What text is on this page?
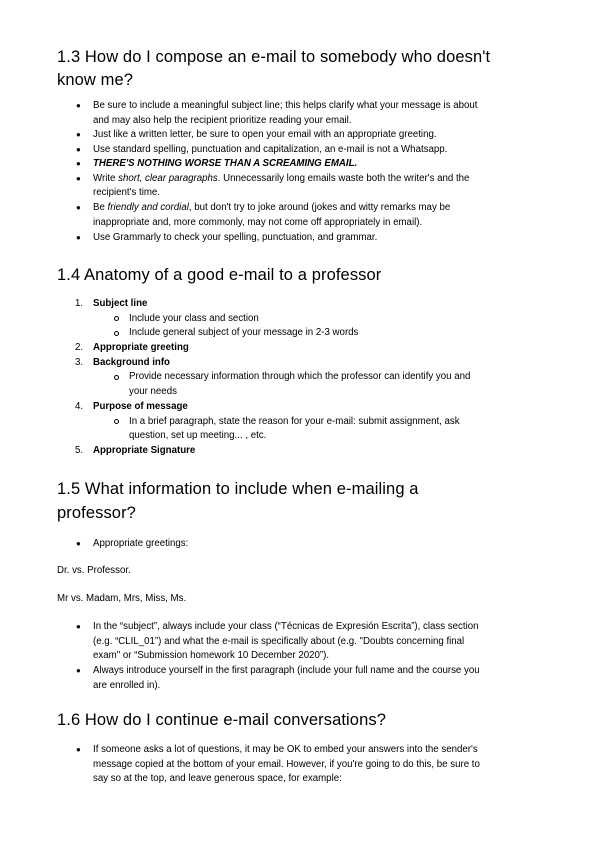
1.3 How do I compose an e-mail to somebody who doesn't
know me?
● Be sure to include a meaningful subject line; this helps clarify what your message is about

and may also help the recipient prioritize reading your email.

● Just like a written letter, be sure to open your email with an appropriate greeting.

● Use standard spelling, punctuation and capitalization, an e-mail is not a Whatsapp.

● THERE'S NOTHING WORSE THAN A SCREAMING EMAIL.

● Write short, clear paragraphs. Unnecessarily long emails waste both the writer's and the

recipient's time.

● Be friendly and cordial, but don't try to joke around (jokes and witty remarks may be

inappropriate and, more commonly, may not come off appropriately in email).

● Use Grammarly to check your spelling, punctuation, and grammar.

1.4 Anatomy of a good e-mail to a professor
1. Subject line

Include your class and section

Include general subject of your message in 2-3 words

2. Appropriate greeting

3. Background info

Provide necessary information through which the professor can identify you and

your needs

4. Purpose of message

In a brief paragraph, state the reason for your e-mail: submit assignment, ask

question, set up meeting... , etc.

5. Appropriate Signature

1.5 What information to include when e-mailing a
professor?
● Appropriate greetings:

Dr. vs. Professor.

Mr vs. Madam, Mrs, Miss, Ms.

● In the “subject”, always include your class (“Técnicas de Expresión Escrita”), class section

(e.g. “CLIL_01”) and what the e-mail is specifically about (e.g. "Doubts concerning final

exam" or “Submission homework 10 December 2020”).

● Always introduce yourself in the first paragraph (include your full name and the course you

are enrolled in).

1.6 How do I continue e-mail conversations?
● If someone asks a lot of questions, it may be OK to embed your answers into the sender's

message copied at the bottom of your email. However, if you're going to do this, be sure to

say so at the top, and leave generous space, for example:
